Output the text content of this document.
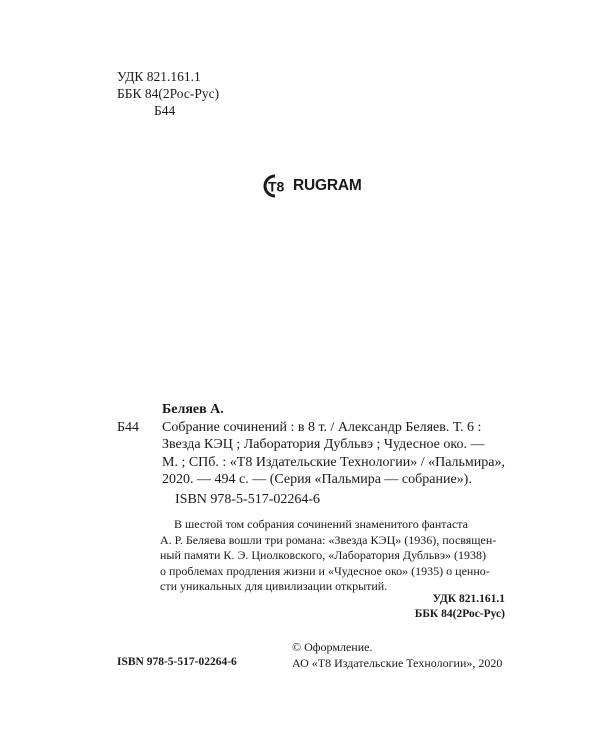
УДК 821.161.1
ББК 84(2Рос-Рус)
Б44
T8 RUGRAM
Беляев А.
Б44	Собрание сочинений : в 8 т. / Александр Беляев. Т. 6 :
Звезда КЭЦ ; Лаборатория Дубльвэ ; Чудесное око. —
М. ; СПб. : «Т8 Издательские Технологии» / «Пальмира»,
2020. — 494 с. — (Серия «Пальмира — собрание»).
ISBN 978-5-517-02264-6
В шестой том собрания сочинений знаменитого фантаста
А. Р. Беляева вошли три романа: «Звезда КЭЦ» (1936), посвящен-
ный памяти К. Э. Циолковского, «Лаборатория Дубльвэ» (1938)
о проблемах продления жизни и «Чудесное око» (1935) о ценно-
сти уникальных для цивилизации открытий.
УДК 821.161.1
ББК 84(2Рос-Рус)
ISBN 978-5-517-02264-6
© Оформление.
АО «Т8 Издательские Технологии», 2020
